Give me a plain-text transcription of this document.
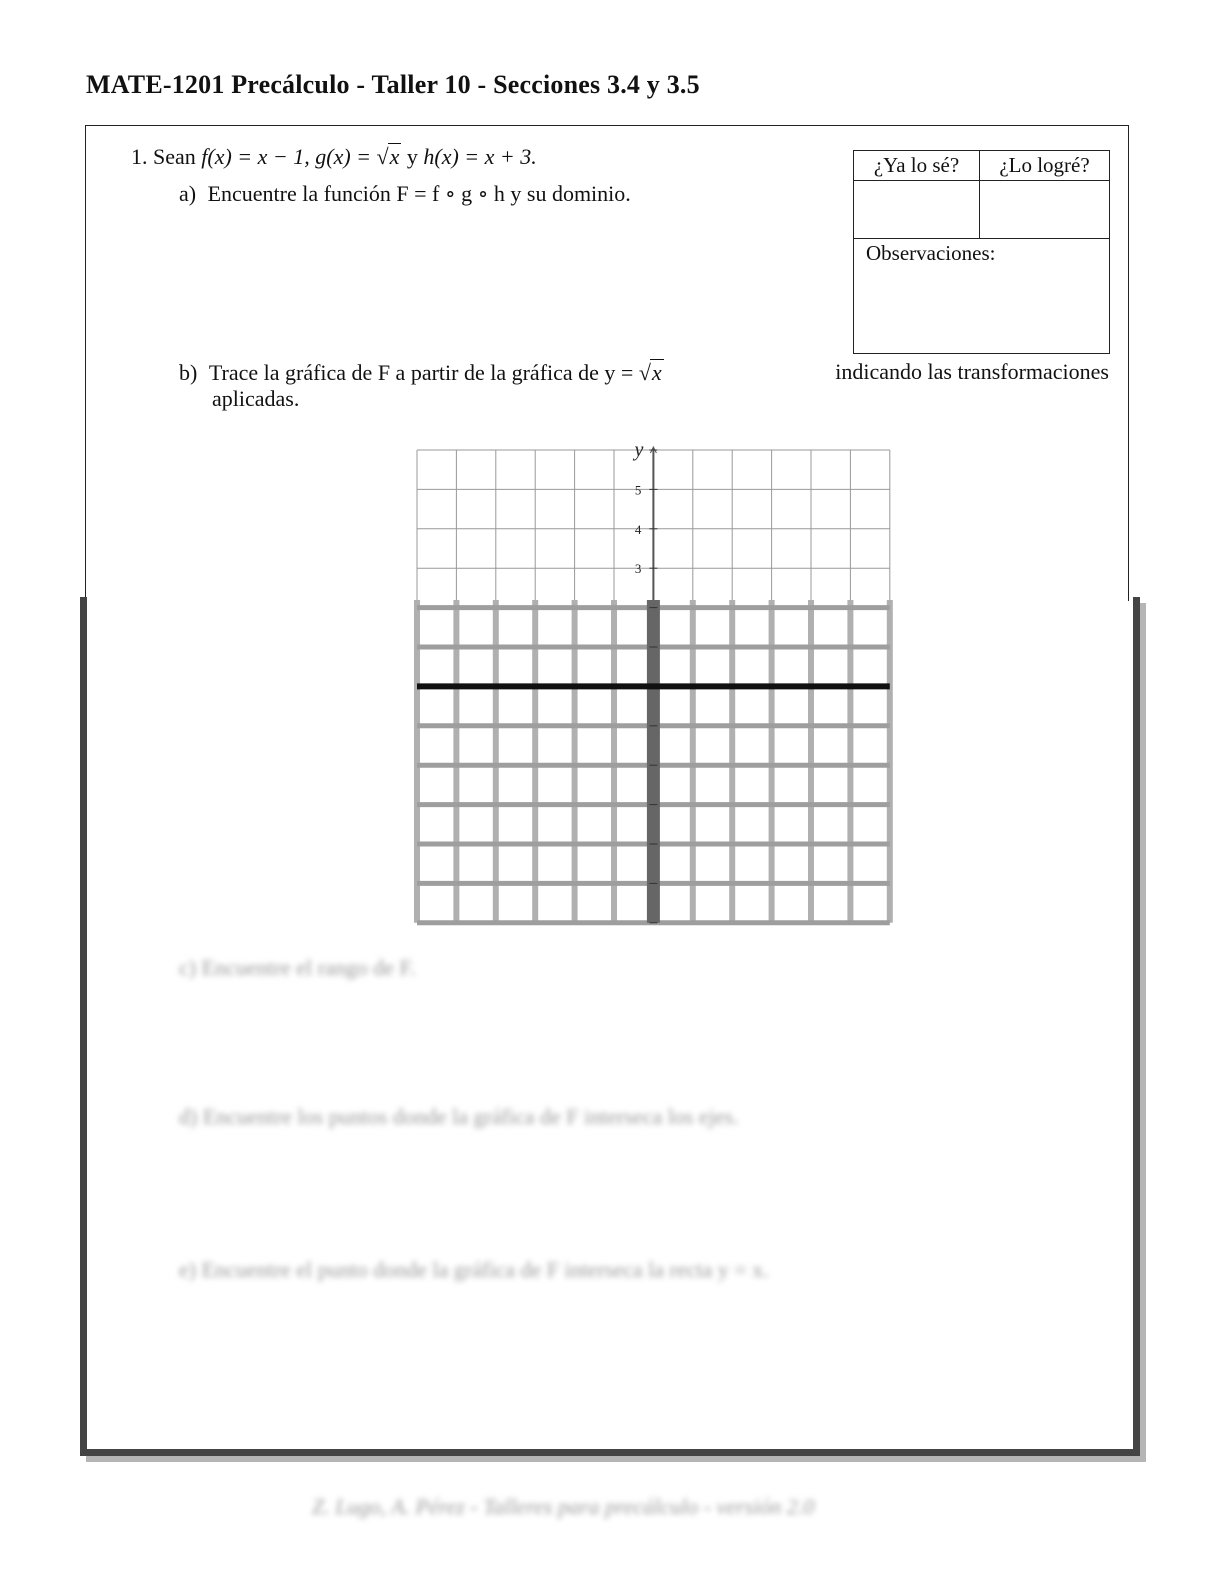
MATE-1201 Precálculo - Taller 10 - Secciones 3.4 y 3.5
1. Sean f(x) = x − 1, g(x) = √x y h(x) = x + 3.
a) Encuentre la función F = f ∘ g ∘ h y su dominio.
¿Ya lo sé?	¿Lo logré?
Observaciones:
b) Trace la gráfica de F a partir de la gráfica de y = √x	indicando las transformaciones
aplicadas.
5
4
3
y
c) Encuentre el rango de F.
d) Encuentre los puntos donde la gráfica de F interseca los ejes.
e) Encuentre el punto donde la gráfica de F interseca la recta y = x.
Z. Lugo, A. Pérez - Talleres para precálculo - versión 2.0
